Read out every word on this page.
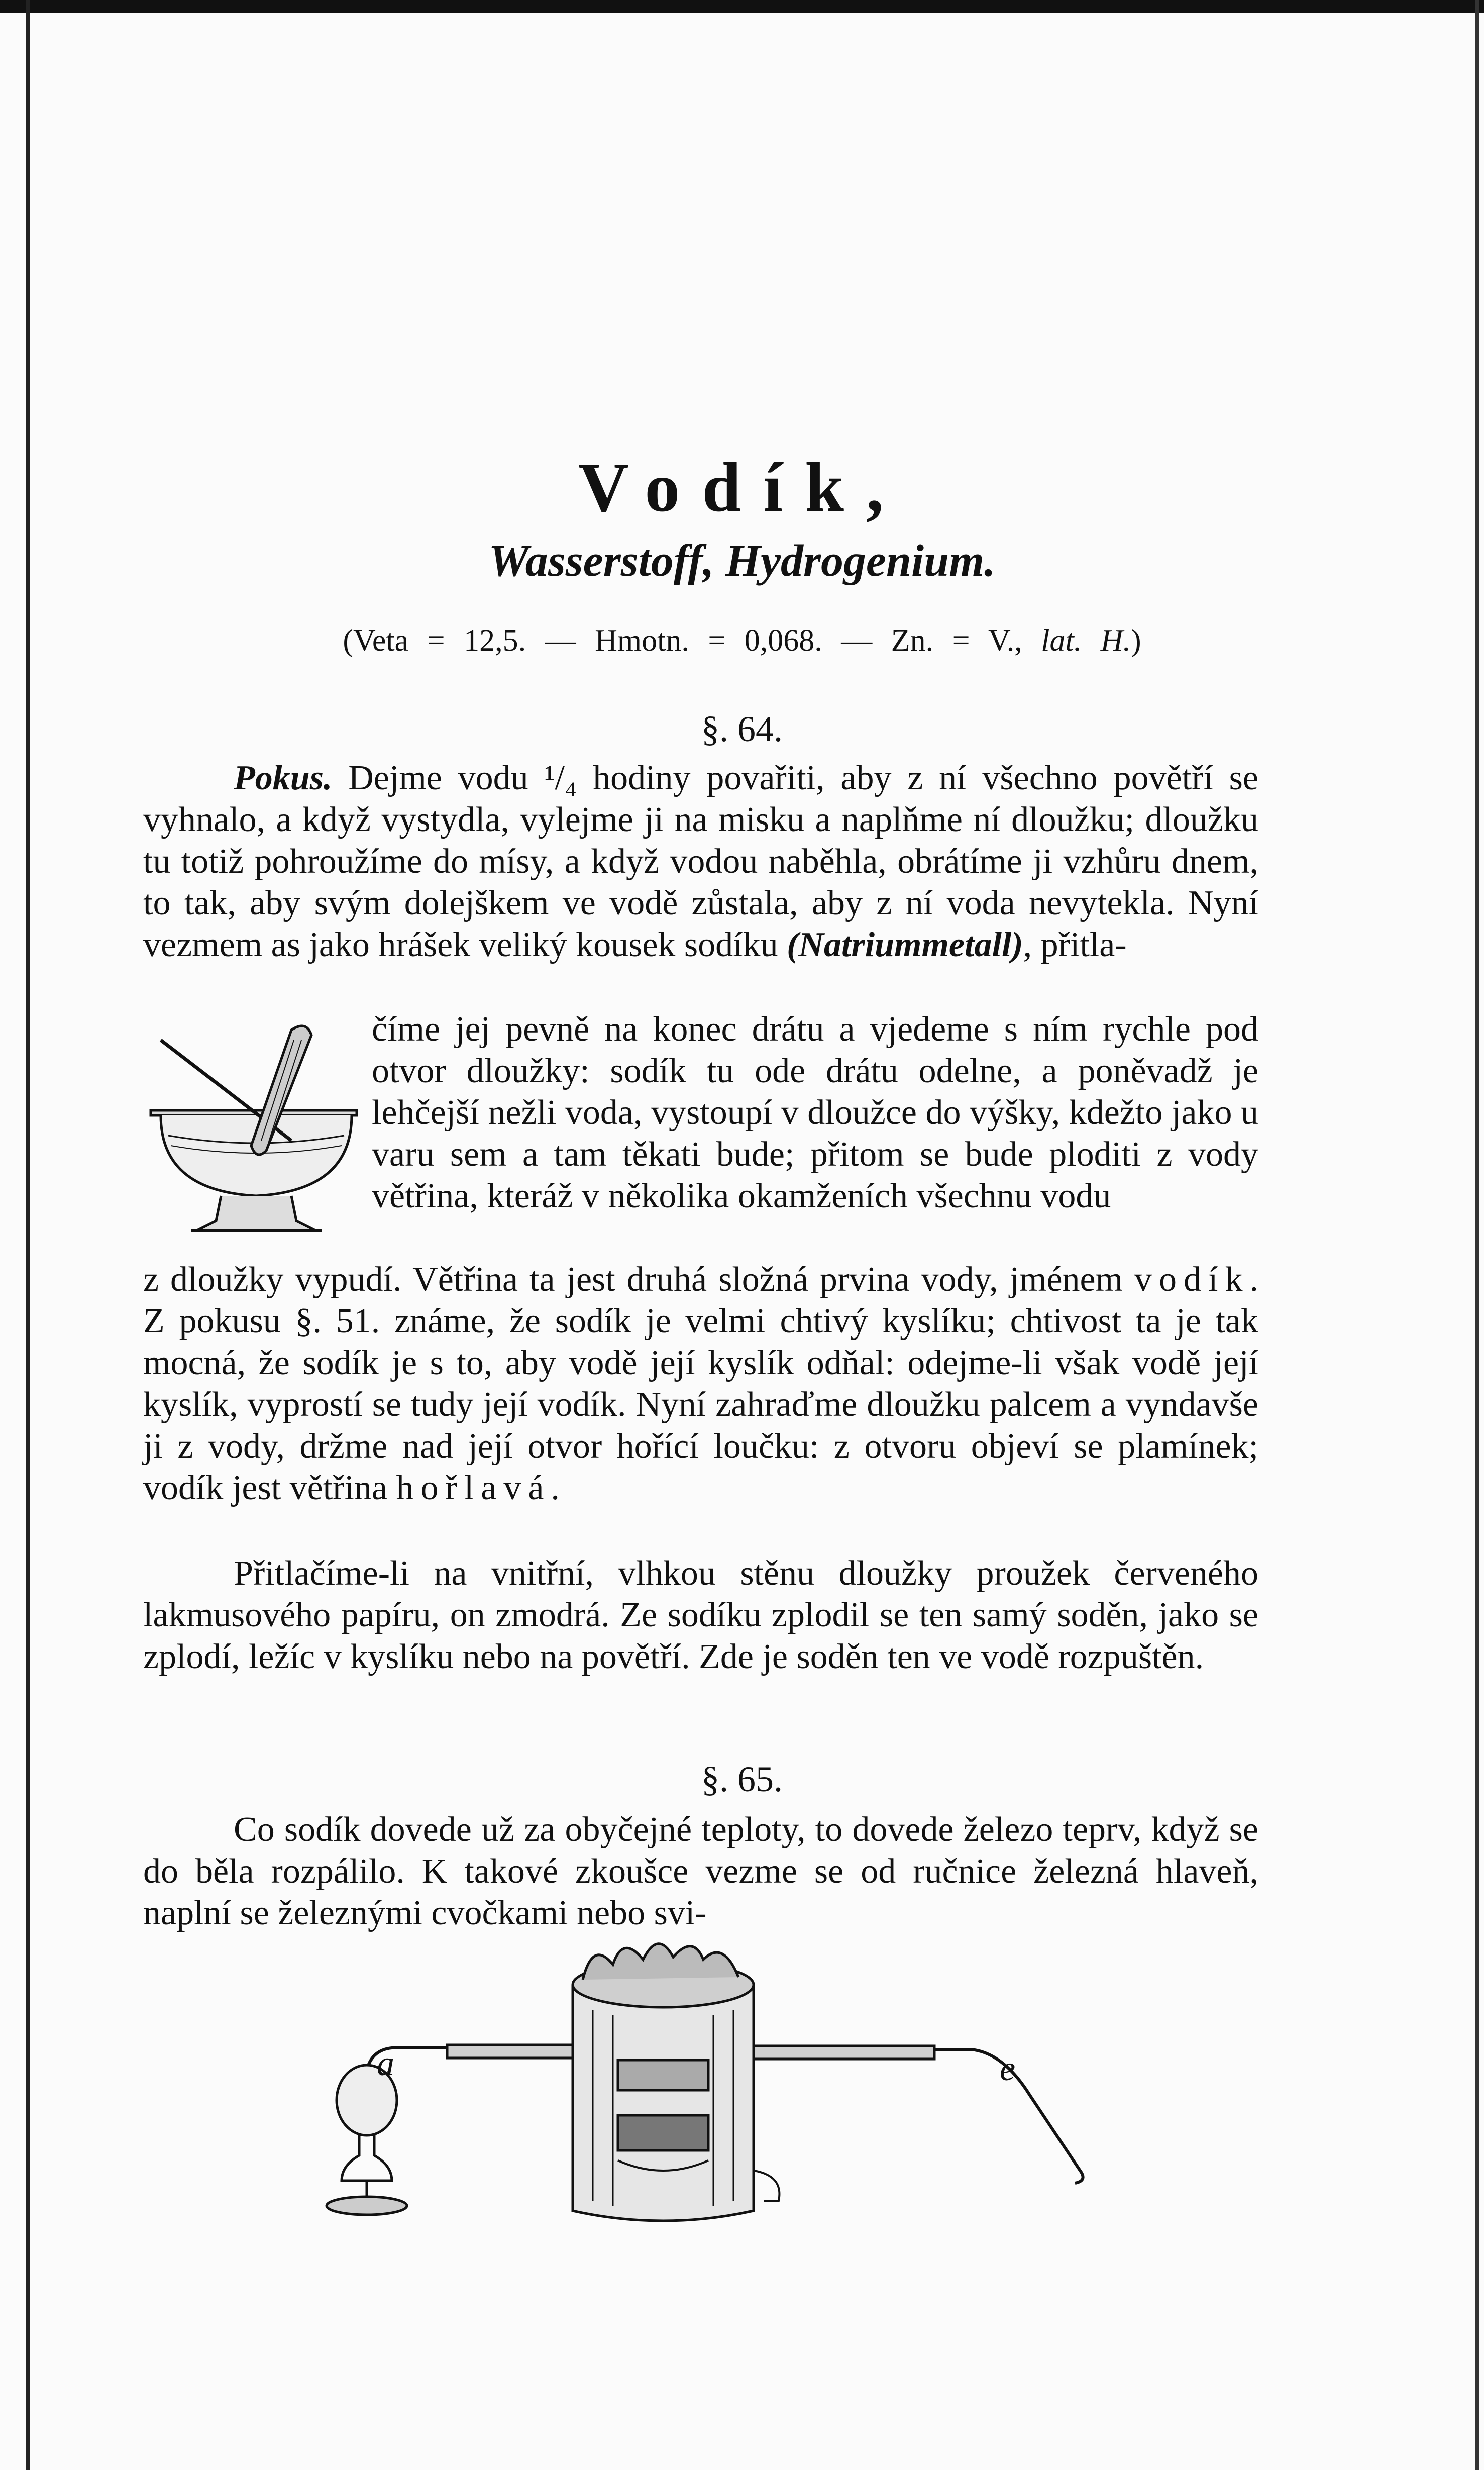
Vodík,
Wasserstoff, Hydrogenium.

(Veta = 12,5. — Hmotn. = 0,068. — Zn. = V., lat. H.)

§. 64.

Pokus. Dejme vodu ¹/₄ hodiny povařiti, aby z ní všechno povětří se vyhnalo, a když vystydla, vylejme ji na misku a naplňme ní dloužku; dloužku tu totiž pohroužíme do mísy, a když vodou naběhla, obrátíme ji vzhůru dnem, to tak, aby svým dolejškem ve vodě zůstala, aby z ní voda nevytekla. Nyní vezmem as jako hrášek veliký kousek sodíku (Natriummetall), přitla-

číme jej pevně na konec drátu a vjedeme s ním rychle pod otvor dloužky: sodík tu ode drátu odelne, a poněvadž je lehčejší nežli voda, vystoupí v dloužce do výšky, kdežto jako u varu sem a tam těkati bude; přitom se bude ploditi z vody větřina, kteráž v několika okamženích všechnu vodu

z dloužky vypudí. Větřina ta jest druhá složná prvina vody, jménem vodík. Z pokusu §. 51. známe, že sodík je velmi chtivý kyslíku; chtivost ta je tak mocná, že sodík je s to, aby vodě její kyslík odňal: odejme-li však vodě její kyslík, vyprostí se tudy její vodík. Nyní zahraďme dloužku palcem a vyndavše ji z vody, držme nad její otvor hořící loučku: z otvoru objeví se plamínek; vodík jest větřina hořlavá.

Přitlačíme-li na vnitřní, vlhkou stěnu dloužky proužek červeného lakmusového papíru, on zmodrá. Ze sodíku zplodil se ten samý soděn, jako se zplodí, ležíc v kyslíku nebo na povětří. Zde je soděn ten ve vodě rozpuštěn.

§. 65.

Co sodík dovede už za obyčejné teploty, to dovede železo teprv, když se do běla rozpálilo. K takové zkoušce vezme se od ručnice železná hlaveň, naplní se železnými cvočkami nebo svi-

a	e
